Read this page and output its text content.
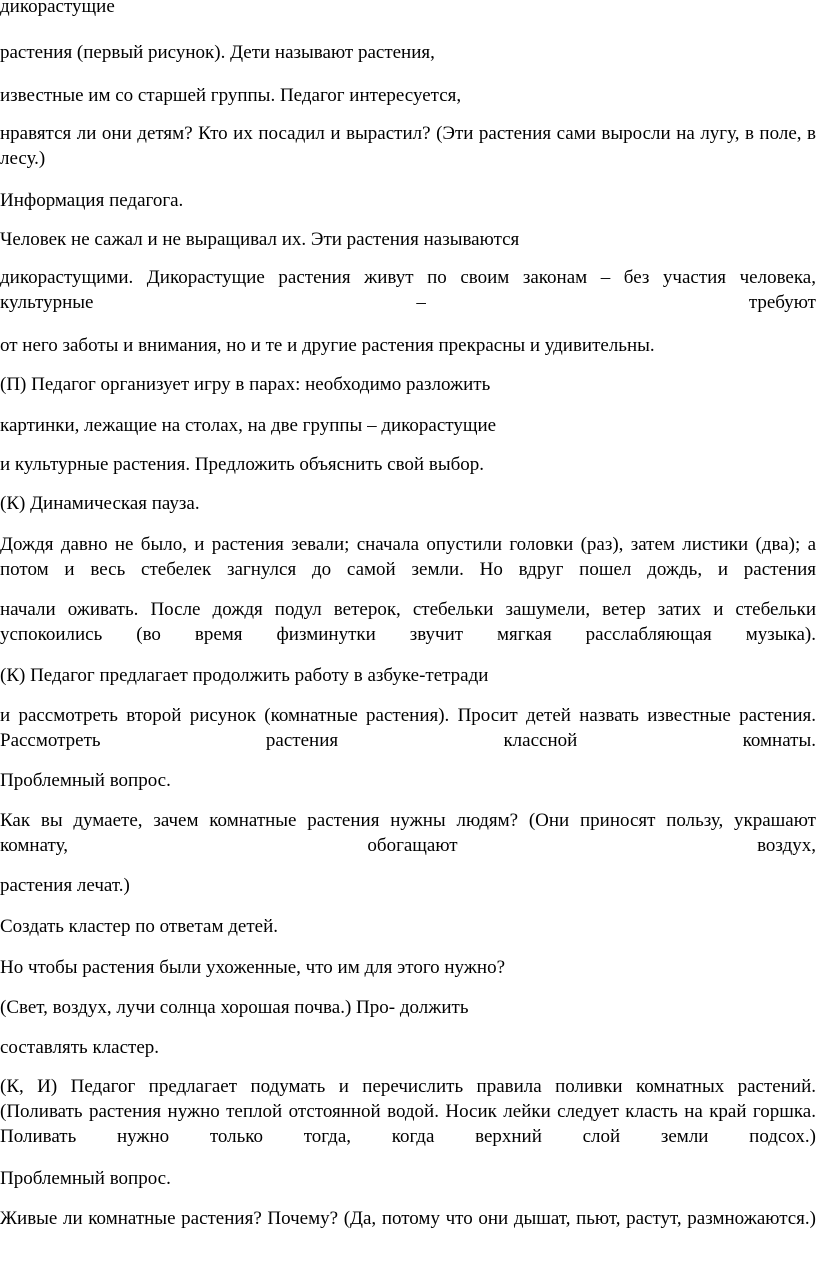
дикорастущие

растения (первый рисунок). Дети называют растения,

известные им со старшей группы. Педагог интересуется,

нравятся ли они детям? Кто их посадил и вырастил? (Эти растения сами выросли на лугу, в поле, в лесу.)

Информация педагога.

Человек не сажал и не выращивал их. Эти растения называются

дикорастущими. Дикорастущие растения живут по своим законам – без участия человека, культурные – требуют

от него заботы и внимания, но и те и другие растения прекрасны и удивительны.

(П) Педагог организует игру в парах: необходимо разложить

картинки, лежащие на столах, на две группы – дикорастущие

и культурные растения. Предложить объяснить свой выбор.

(К) Динамическая пауза.

Дождя давно не было, и растения зевали; сначала опустили головки (раз), затем листики (два); а потом и весь стебелек загнулся до самой земли. Но вдруг пошел дождь, и растения

начали оживать. После дождя подул ветерок, стебельки зашумели, ветер затих и стебельки успокоились (во время физминутки звучит мягкая расслабляющая музыка).

(К) Педагог предлагает продолжить работу в азбуке-тетради

и рассмотреть второй рисунок (комнатные растения). Просит детей назвать известные растения. Рассмотреть растения классной комнаты.

Проблемный вопрос.

Как вы думаете, зачем комнатные растения нужны людям? (Они приносят пользу, украшают комнату, обогащают воздух,

растения лечат.)

Создать кластер по ответам детей.

Но чтобы растения были ухоженные, что им для этого нужно?

(Свет, воздух, лучи солнца хорошая почва.) Про- должить

составлять кластер.

(К, И) Педагог предлагает подумать и перечислить правила поливки комнатных растений. (Поливать растения нужно теплой отстоянной водой. Носик лейки следует класть на край горшка. Поливать нужно только тогда, когда верхний слой земли подсох.)

Проблемный вопрос.

Живые ли комнатные растения? Почему? (Да, потому что они дышат, пьют, растут, размножаются.)
